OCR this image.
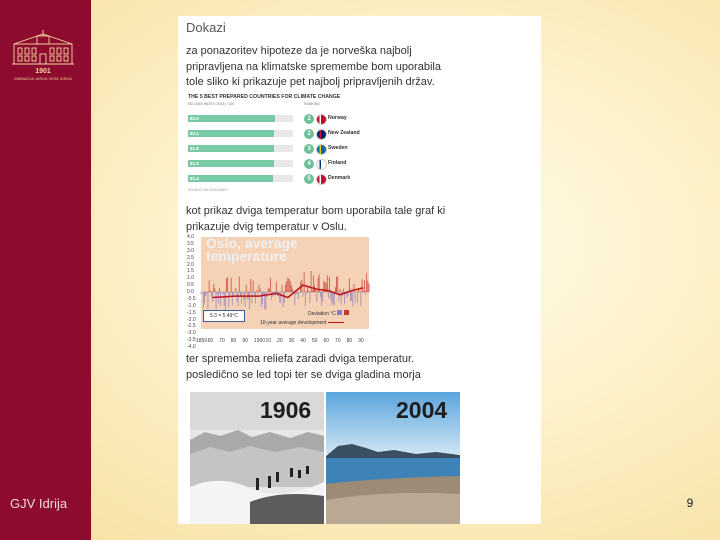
1901
GIMNAZIJA JURIJA VEGE IDRIJA
GJV Idrija
Dokazi
za ponazoritev hipoteze da je norveška najbolj
pripravljena na klimatske spremembe bom uporabila
tole sliko ki prikazuje pet najbolj pripravljenih držav.
THE 5 BEST PREPARED COUNTRIES FOR CLIMATE CHANGE
ND-GAIN INDEX (2016) / 100	RANKING
82.6	1	Norway
82.1	2	New Zealand
81.8	3	Sweden
81.6	4	Finland
81.4	5	Denmark
SOURCE: ND-GAIN INDEX
kot prikaz dviga temperatur bom uporabila tale graf ki
prikazuje dvig temperatur v Oslu.
Oslo, average temperature
4.0
3.5
3.0
2.5
2.0
1.5
1.0
0.5
0.0
-0.5
-1.0
-1.5
-2.0
-2.5
-3.0
-3.5
-4.0
1850 60 70 80 90 1900 10 20 30 40 50 60 70 80 90
5.3 = 5.49°C	Deviation °C
10-year average development
ter sprememba reliefa zaradi dviga temperatur.
posledično se led topi ter se dviga gladina morja
1906	2004
9
